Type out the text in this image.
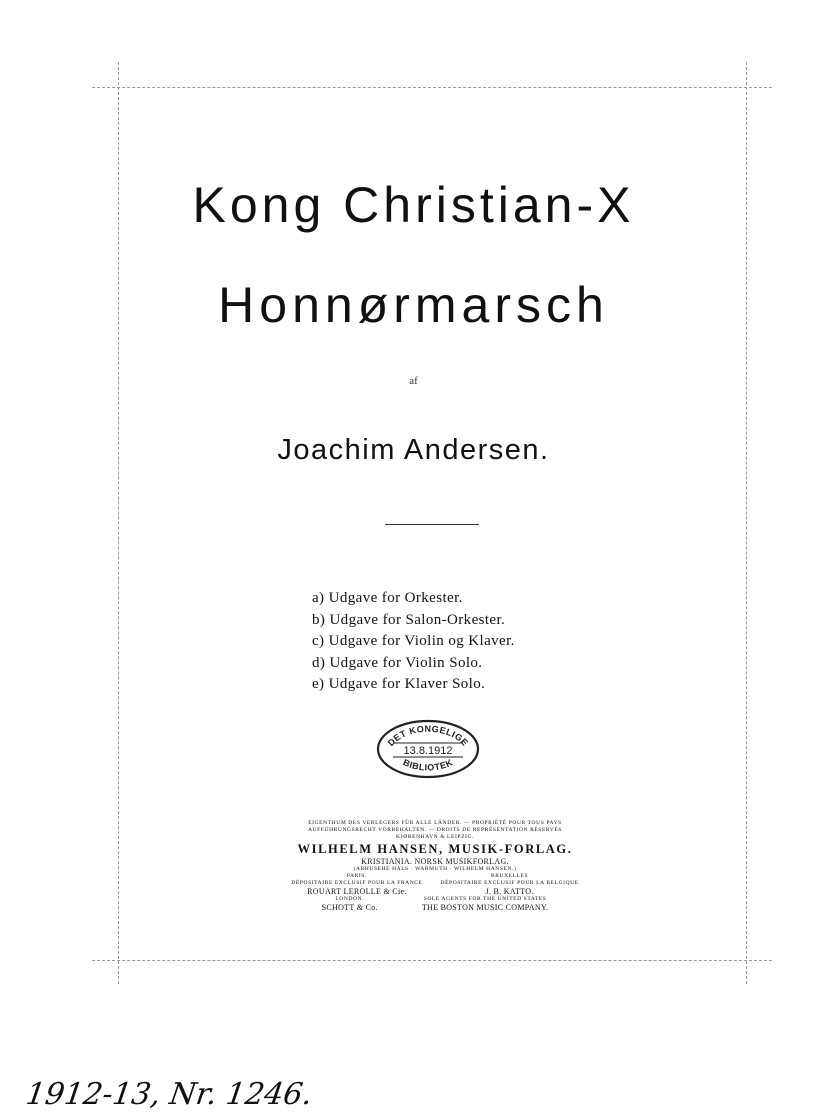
Kong Christian-X
Honnørmarsch
af
Joachim Andersen.
a) Udgave for Orkester.
b) Udgave for Salon-Orkester.
c) Udgave for Violin og Klaver.
d) Udgave for Violin Solo.
e) Udgave for Klaver Solo.
DET KONGELIGE
13.8.1912
BIBLIOTEK
EIGENTHUM DES VERLEGERS FÜR ALLE LÄNDER. — PROPRIÉTÉ POUR TOUS PAYS
AUFFÜHRUNGSRECHT VORBEHALTEN. — DROITS DE REPRÉSENTATION RÉSERVÉS
KJØBENHAVN & LEIPZIG.
WILHELM HANSEN, MUSIK-FORLAG.
KRISTIANIA. NORSK MUSIKFORLAG.
(ABHUSEHE HALS · WARMUTH · WILHELM HANSEN.)
PARIS.
DÉPOSITAIRE EXCLUSIF POUR LA FRANCE
ROUART LEROLLE & Cie.
BRUXELLES
DÉPOSITAIRE EXCLUSIF POUR LA BELGIQUE
J. B. KATTO.
LONDON.
SCHOTT & Co.
SOLE AGENTS FOR THE UNITED STATES
THE BOSTON MUSIC COMPANY.
1912-13, Nr. 1246.
